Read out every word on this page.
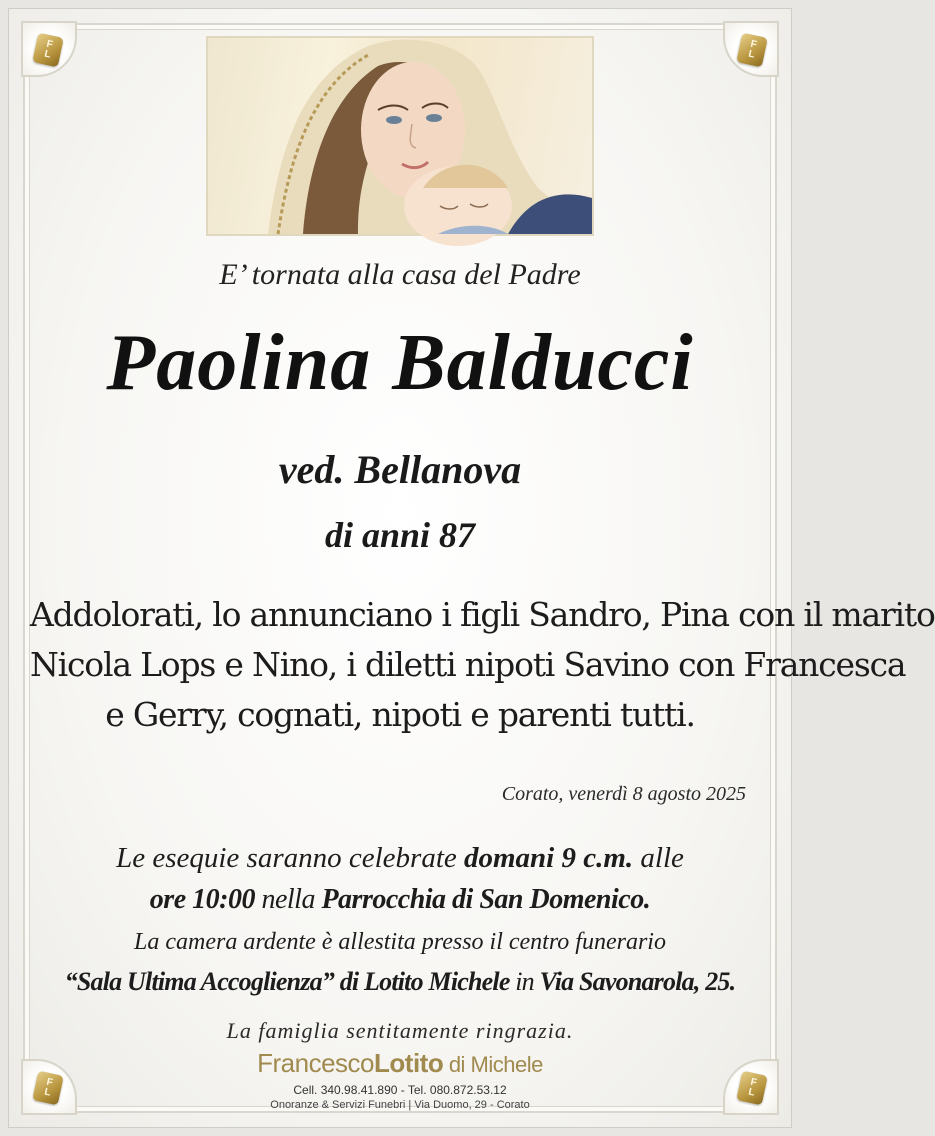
F
L
F
L
F
L
F
L
E’ tornata alla casa del Padre
Paolina Balducci
ved. Bellanova
di anni 87
Addolorati, lo annunciano i figli Sandro, Pina con il marito
Nicola Lops e Nino, i diletti nipoti Savino con Francesca
e Gerry, cognati, nipoti e parenti tutti.
Corato, venerdì 8 agosto 2025
Le esequie saranno celebrate domani 9 c.m. alle
ore 10:00 nella Parrocchia di San Domenico.
La camera ardente è allestita presso il centro funerario
“Sala Ultima Accoglienza” di Lotito Michele in Via Savonarola, 25.
La famiglia sentitamente ringrazia.
FrancescoLotito di Michele
Cell. 340.98.41.890 - Tel. 080.872.53.12
Onoranze & Servizi Funebri | Via Duomo, 29 - Corato
